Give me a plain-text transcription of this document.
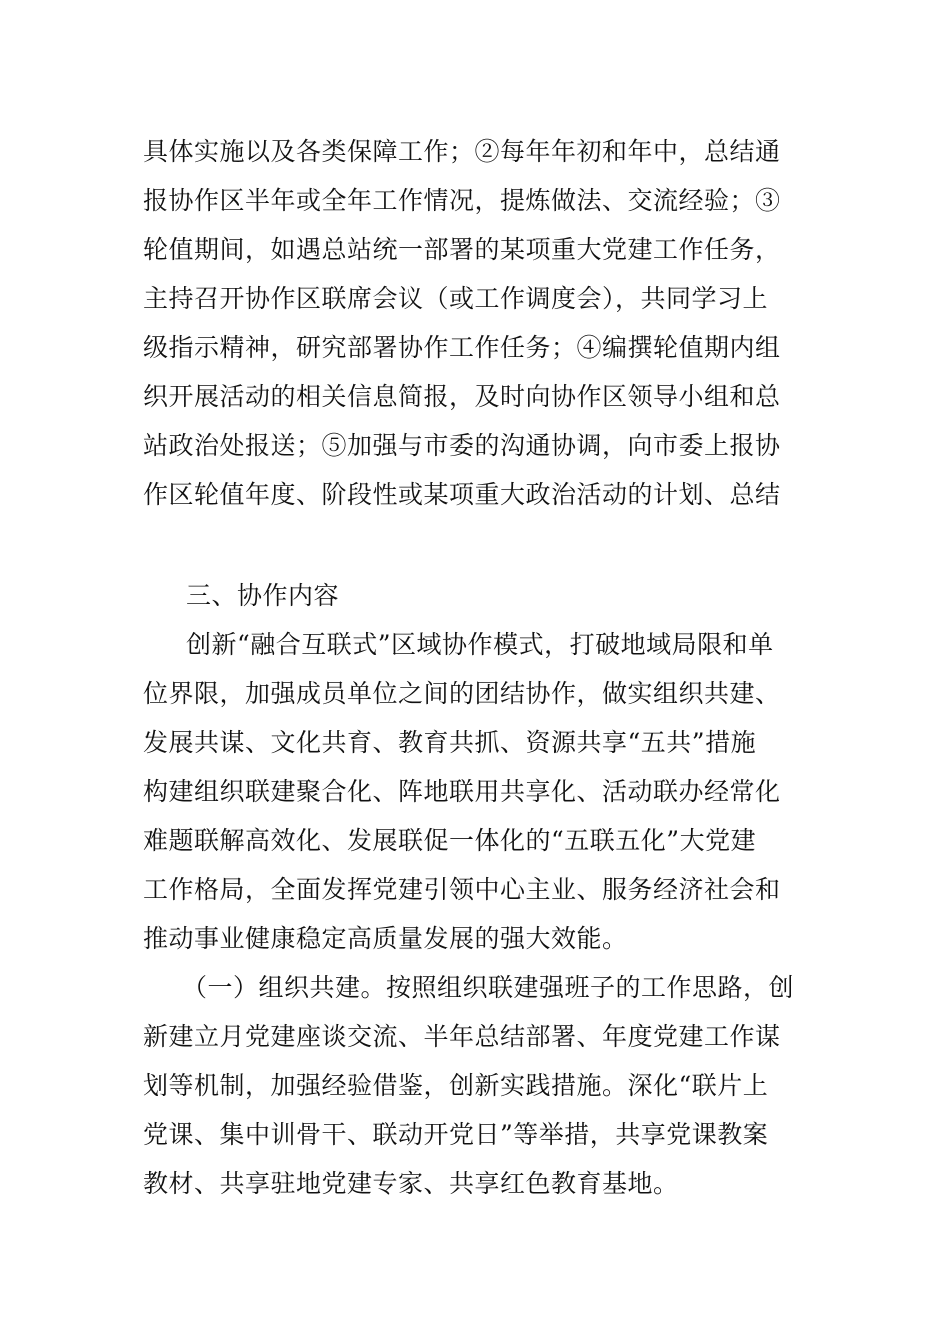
具体实施以及各类保障工作；②每年年初和年中，总结通
报协作区半年或全年工作情况，提炼做法、交流经验；③
轮值期间，如遇总站统一部署的某项重大党建工作任务，
主持召开协作区联席会议（或工作调度会），共同学习上
级指示精神，研究部署协作工作任务；④编撰轮值期内组
织开展活动的相关信息简报，及时向协作区领导小组和总
站政治处报送；⑤加强与市委的沟通协调，向市委上报协
作区轮值年度、阶段性或某项重大政治活动的计划、总结
三、协作内容
创新“融合互联式”区域协作模式，打破地域局限和单
位界限，加强成员单位之间的团结协作，做实组织共建、
发展共谋、文化共育、教育共抓、资源共享“五共”措施
构建组织联建聚合化、阵地联用共享化、活动联办经常化
难题联解高效化、发展联促一体化的“五联五化”大党建
工作格局，全面发挥党建引领中心主业、服务经济社会和
推动事业健康稳定高质量发展的强大效能。
（一）组织共建。按照组织联建强班子的工作思路，创
新建立月党建座谈交流、半年总结部署、年度党建工作谋
划等机制，加强经验借鉴，创新实践措施。深化“联片上
党课、集中训骨干、联动开党日”等举措，共享党课教案
教材、共享驻地党建专家、共享红色教育基地。
